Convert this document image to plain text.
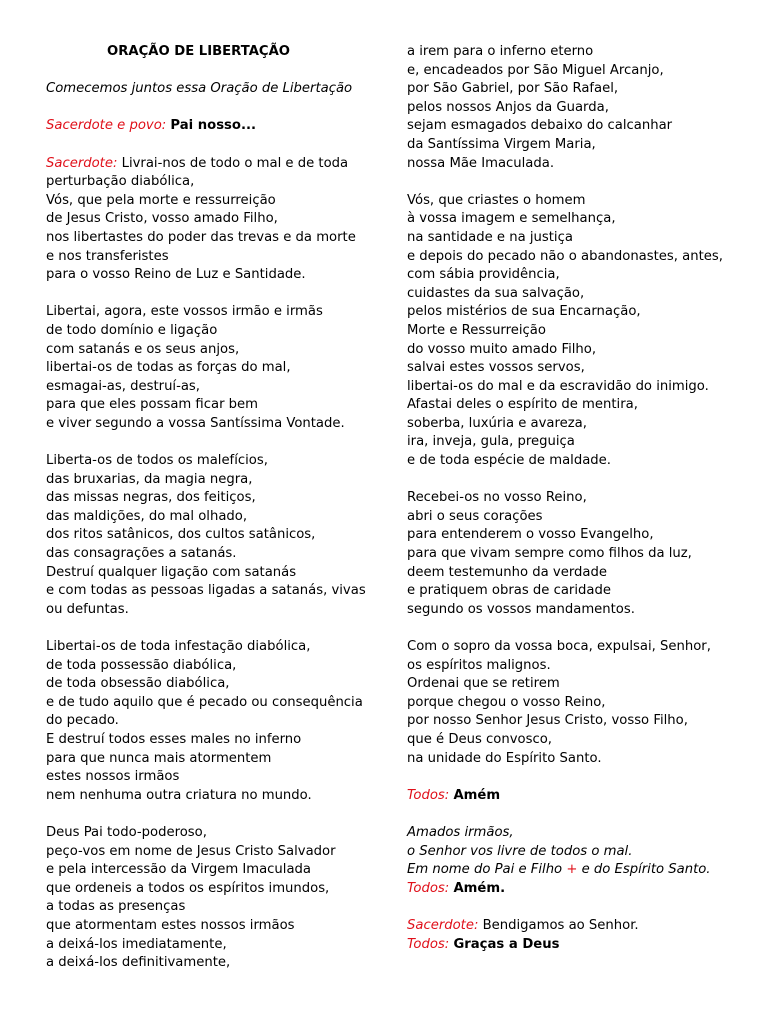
ORAÇÃO DE LIBERTAÇÃO
Comecemos juntos essa Oração de Libertação
Sacerdote e povo: Pai nosso...
Sacerdote: Livrai-nos de todo o mal e de toda
perturbação diabólica,
Vós, que pela morte e ressurreição
de Jesus Cristo, vosso amado Filho,
nos libertastes do poder das trevas e da morte
e nos transferistes
para o vosso Reino de Luz e Santidade.
Libertai, agora, este vossos irmão e irmãs
de todo domínio e ligação
com satanás e os seus anjos,
libertai-os de todas as forças do mal,
esmagai-as, destruí-as,
para que eles possam ficar bem
e viver segundo a vossa Santíssima Vontade.
Liberta-os de todos os malefícios,
das bruxarias, da magia negra,
das missas negras, dos feitiços,
das maldições, do mal olhado,
dos ritos satânicos, dos cultos satânicos,
das consagrações a satanás.
Destruí qualquer ligação com satanás
e com todas as pessoas ligadas a satanás, vivas
ou defuntas.
Libertai-os de toda infestação diabólica,
de toda possessão diabólica,
de toda obsessão diabólica,
e de tudo aquilo que é pecado ou consequência
do pecado.
E destruí todos esses males no inferno
para que nunca mais atormentem
estes nossos irmãos
nem nenhuma outra criatura no mundo.
Deus Pai todo-poderoso,
peço-vos em nome de Jesus Cristo Salvador
e pela intercessão da Virgem Imaculada
que ordeneis a todos os espíritos imundos,
a todas as presenças
que atormentam estes nossos irmãos
a deixá-los imediatamente,
a deixá-los definitivamente,
a irem para o inferno eterno
e, encadeados por São Miguel Arcanjo,
por São Gabriel, por São Rafael,
pelos nossos Anjos da Guarda,
sejam esmagados debaixo do calcanhar
da Santíssima Virgem Maria,
nossa Mãe Imaculada.
Vós, que criastes o homem
à vossa imagem e semelhança,
na santidade e na justiça
e depois do pecado não o abandonastes, antes,
com sábia providência,
cuidastes da sua salvação,
pelos mistérios de sua Encarnação,
Morte e Ressurreição
do vosso muito amado Filho,
salvai estes vossos servos,
libertai-os do mal e da escravidão do inimigo.
Afastai deles o espírito de mentira,
soberba, luxúria e avareza,
ira, inveja, gula, preguiça
e de toda espécie de maldade.
Recebei-os no vosso Reino,
abri o seus corações
para entenderem o vosso Evangelho,
para que vivam sempre como filhos da luz,
deem testemunho da verdade
e pratiquem obras de caridade
segundo os vossos mandamentos.
Com o sopro da vossa boca, expulsai, Senhor,
os espíritos malignos.
Ordenai que se retirem
porque chegou o vosso Reino,
por nosso Senhor Jesus Cristo, vosso Filho,
que é Deus convosco,
na unidade do Espírito Santo.
Todos: Amém
Amados irmãos,
o Senhor vos livre de todos o mal.
Em nome do Pai e Filho + e do Espírito Santo.
Todos: Amém.
Sacerdote: Bendigamos ao Senhor.
Todos: Graças a Deus
